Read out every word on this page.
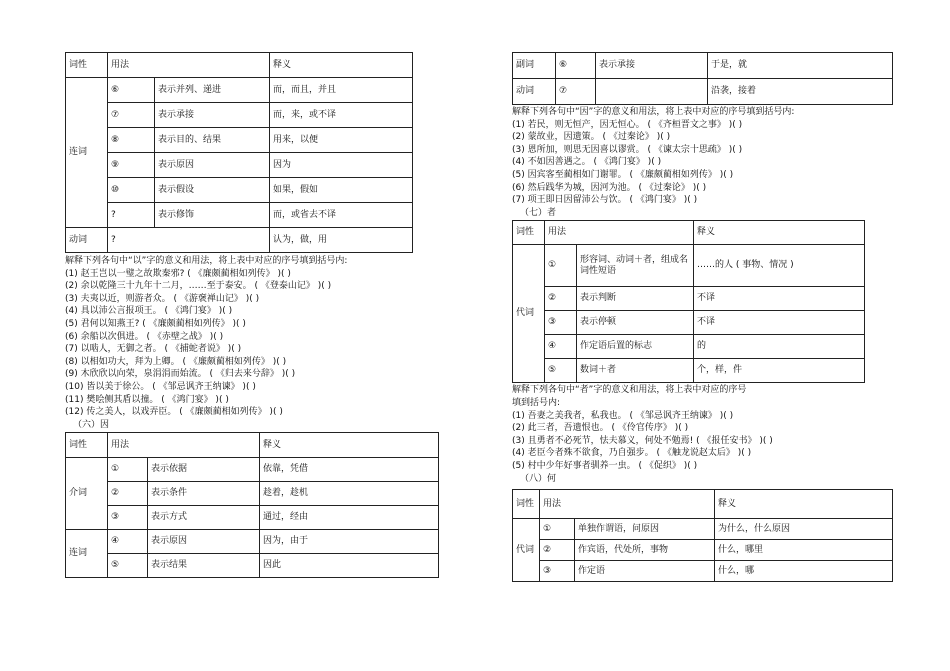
词性	用法		释义
连词	⑥	表示并列、递进	而，而且，并且
	⑦	表示承接	而，来，或不译
	⑧	表示目的、结果	用来，以便
	⑨	表示原因	因为
	⑩	表示假设	如果，假如
	?	表示修饰	而，或省去不译
动词	?		认为，做，用
解释下列各句中“以”字的意义和用法，将上表中对应的序号填到括号内:
(1) 赵王岂以一璧之故欺秦邪? ( 《廉颇蔺相如列传》 )( )
(2) 余以乾隆三十九年十二月，……至于泰安。 ( 《登泰山记》 )( )
(3) 夫夷以近，则游者众。 ( 《游褒禅山记》 )( )
(4) 具以沛公言报项王。 ( 《鸿门宴》 )( )
(5) 君何以知燕王? ( 《廉颇蔺相如列传》 )( )
(6) 余船以次俱进。 ( 《赤壁之战》 )( )
(7) 以啮人，无御之者。 ( 《捕蛇者说》 )( )
(8) 以相如功大，拜为上卿。 ( 《廉颇蔺相如列传》 )( )
(9) 木欣欣以向荣，泉涓涓而始流。 ( 《归去来兮辞》 )( )
(10) 皆以美于徐公。 ( 《邹忌讽齐王纳谏》 )( )
(11) 樊哙侧其盾以撞。 ( 《鸿门宴》 )( )
(12) 传之美人，以戏弄臣。 ( 《廉颇蔺相如列传》 )( )
（六）因
词性	用法		释义
介词	①	表示依据	依靠，凭借
	②	表示条件	趁着，趁机
	③	表示方式	通过，经由
连词	④	表示原因	因为，由于
	⑤	表示结果	因此
副词	⑥	表示承接	于是，就
动词	⑦		沿袭，接着
解释下列各句中“因”字的意义和用法，将上表中对应的序号填到括号内:
(1) 若民，则无恒产，因无恒心。 ( 《齐桓晋文之事》 )( )
(2) 蒙故业，因遗策。 ( 《过秦论》 )( )
(3) 恩所加，则思无因喜以谬赏。 ( 《谏太宗十思疏》 )( )
(4) 不如因善遇之。 ( 《鸿门宴》 )( )
(5) 因宾客至蔺相如门谢罪。 ( 《廉颇蔺相如列传》 )( )
(6) 然后践华为城，因河为池。 ( 《过秦论》 )( )
(7) 项王即日因留沛公与饮。 ( 《鸿门宴》 )( )
（七）者
词性	用法		释义
代词	①	形容词、动词＋者，组成名词性短语	……的人 ( 事物、情况 )
	②	表示判断	不译
	③	表示停顿	不译
	④	作定语后置的标志	的
	⑤	数词＋者	个，样，件
解释下列各句中“者”字的意义和用法，将上表中对应的序号
填到括号内:
(1) 吾妻之美我者，私我也。 ( 《邹忌讽齐王纳谏》 )( )
(2) 此三者，吾遗恨也。 ( 《伶官传序》 )( )
(3) 且勇者不必死节，怯夫慕义，何处不勉焉! ( 《报任安书》 )( )
(4) 老臣今者殊不欲食，乃自强步。 ( 《触龙说赵太后》 )( )
(5) 村中少年好事者驯养一虫。 ( 《促织》 )( )
（八）何
词性	用法		释义
代词	①	单独作谓语，问原因	为什么，什么原因
	②	作宾语，代处所，事物	什么，哪里
	③	作定语	什么，哪
